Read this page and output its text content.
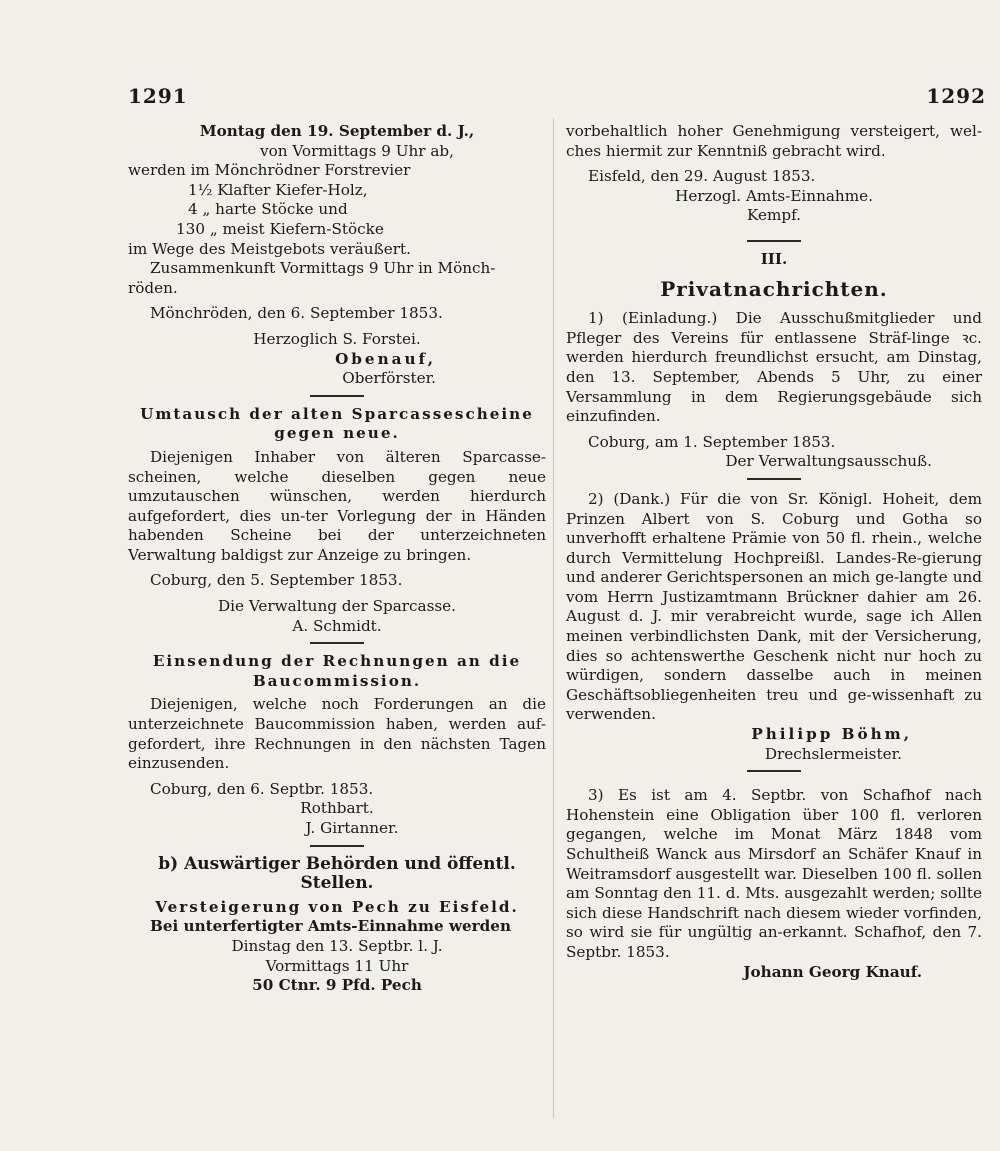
1291	1292

Montag den 19. September d. J.,

von Vormittags 9 Uhr ab,

werden im Mönchrödner Forstrevier

1½ Klafter Kiefer-Holz,

4 „ harte Stöcke und

130 „ meist Kiefern-Stöcke

im Wege des Meistgebots veräußert.

Zusammenkunft Vormittags 9 Uhr in Mönch-

röden.

Mönchröden, den 6. September 1853.

Herzoglich S. Forstei.

Obenauf,

Oberförster.

Umtausch der alten Sparcassescheine

gegen neue.

Diejenigen Inhaber von älteren Sparcasse-scheinen, welche dieselben gegen neue umzutauschen wünschen, werden hierdurch aufgefordert, dies un-ter Vorlegung der in Händen habenden Scheine bei der unterzeichneten Verwaltung baldigst zur Anzeige zu bringen.

Coburg, den 5. September 1853.

Die Verwaltung der Sparcasse.

A. Schmidt.

Einsendung der Rechnungen an die

Baucommission.

Diejenigen, welche noch Forderungen an die unterzeichnete Baucommission haben, werden auf-gefordert, ihre Rechnungen in den nächsten Tagen einzusenden.

Coburg, den 6. Septbr. 1853.

Rothbart.

J. Girtanner.

b) Auswärtiger Behörden und öffentl. Stellen.

Versteigerung von Pech zu Eisfeld.

Bei unterfertigter Amts-Einnahme werden

Dinstag den 13. Septbr. l. J.

Vormittags 11 Uhr

50 Ctnr. 9 Pfd. Pech

vorbehaltlich hoher Genehmigung versteigert, wel-ches hiermit zur Kenntniß gebracht wird.

Eisfeld, den 29. August 1853.

Herzogl. Amts-Einnahme.

Kempf.

III.

Privatnachrichten.

1) (Einladung.) Die Ausschußmitglieder und Pfleger des Vereins für entlassene Sträf-linge ꝛc. werden hierdurch freundlichst ersucht, am Dinstag, den 13. September, Abends 5 Uhr, zu einer Versammlung in dem Regierungsgebäude sich einzufinden.

Coburg, am 1. September 1853.

Der Verwaltungsausschuß.

2) (Dank.) Für die von Sr. Königl. Hoheit, dem Prinzen Albert von S. Coburg und Gotha so unverhofft erhaltene Prämie von 50 fl. rhein., welche durch Vermittelung Hochpreißl. Landes-Re-gierung und anderer Gerichtspersonen an mich ge-langte und vom Herrn Justizamtmann Brückner dahier am 26. August d. J. mir verabreicht wurde, sage ich Allen meinen verbindlichsten Dank, mit der Versicherung, dies so achtenswerthe Geschenk nicht nur hoch zu würdigen, sondern dasselbe auch in meinen Geschäftsobliegenheiten treu und ge-wissenhaft zu verwenden.

Philipp Böhm,

Drechslermeister.

3) Es ist am 4. Septbr. von Schafhof nach Hohenstein eine Obligation über 100 fl. verloren gegangen, welche im Monat März 1848 vom Schultheiß Wanck aus Mirsdorf an Schäfer Knauf in Weitramsdorf ausgestellt war. Dieselben 100 fl. sollen am Sonntag den 11. d. Mts. ausgezahlt werden; sollte sich diese Handschrift nach diesem wieder vorfinden, so wird sie für ungültig an-erkannt. Schafhof, den 7. Septbr. 1853.

Johann Georg Knauf.
